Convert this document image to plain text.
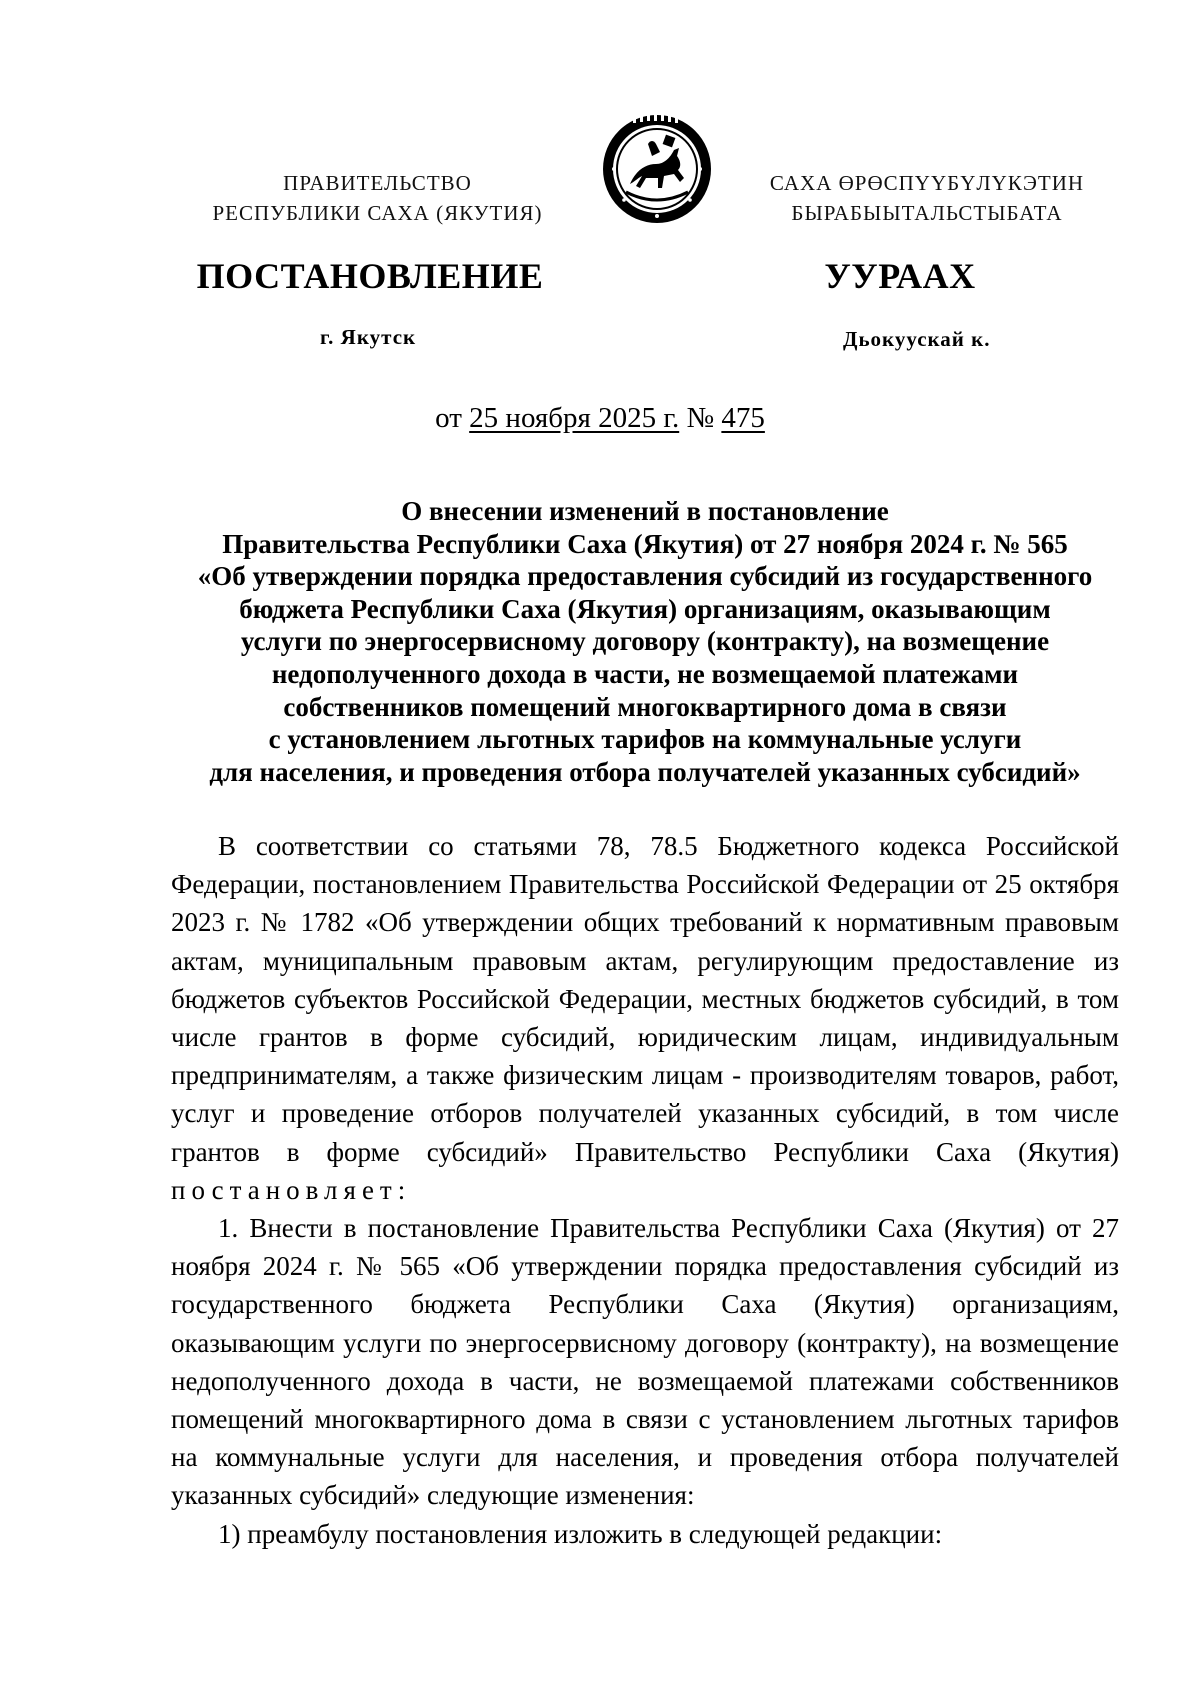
ПРАВИТЕЛЬСТВО
РЕСПУБЛИКИ САХА (ЯКУТИЯ)
САХА ӨРӨСПҮҮБҮЛҮКЭТИН
БЫРАБЫЫТАЛЬСТЫБАТА
ПОСТАНОВЛЕНИЕ	УУРААХ
г. Якутск	Дьокуускай к.
от 25 ноября 2025 г. № 475
О внесении изменений в постановление
Правительства Республики Саха (Якутия) от 27 ноября 2024 г. № 565
«Об утверждении порядка предоставления субсидий из государственного
бюджета Республики Саха (Якутия) организациям, оказывающим
услуги по энергосервисному договору (контракту), на возмещение
недополученного дохода в части, не возмещаемой платежами
собственников помещений многоквартирного дома в связи
с установлением льготных тарифов на коммунальные услуги
для населения, и проведения отбора получателей указанных субсидий»

В соответствии со статьями 78, 78.5 Бюджетного кодекса Российской Федерации, постановлением Правительства Российской Федерации от 25 октября 2023 г. № 1782 «Об утверждении общих требований к нормативным правовым актам, муниципальным правовым актам, регулирующим предоставление из бюджетов субъектов Российской Федерации, местных бюджетов субсидий, в том числе грантов в форме субсидий, юридическим лицам, индивидуальным предпринимателям, а также физическим лицам - производителям товаров, работ, услуг и проведение отборов получателей указанных субсидий, в том числе грантов в форме субсидий» Правительство Республики Саха (Якутия) постановляет:

1. Внести в постановление Правительства Республики Саха (Якутия) от 27 ноября 2024 г. № 565 «Об утверждении порядка предоставления субсидий из государственного бюджета Республики Саха (Якутия) организациям, оказывающим услуги по энергосервисному договору (контракту), на возмещение недополученного дохода в части, не возмещаемой платежами собственников помещений многоквартирного дома в связи с установлением льготных тарифов на коммунальные услуги для населения, и проведения отбора получателей указанных субсидий» следующие изменения:

1) преамбулу постановления изложить в следующей редакции:
